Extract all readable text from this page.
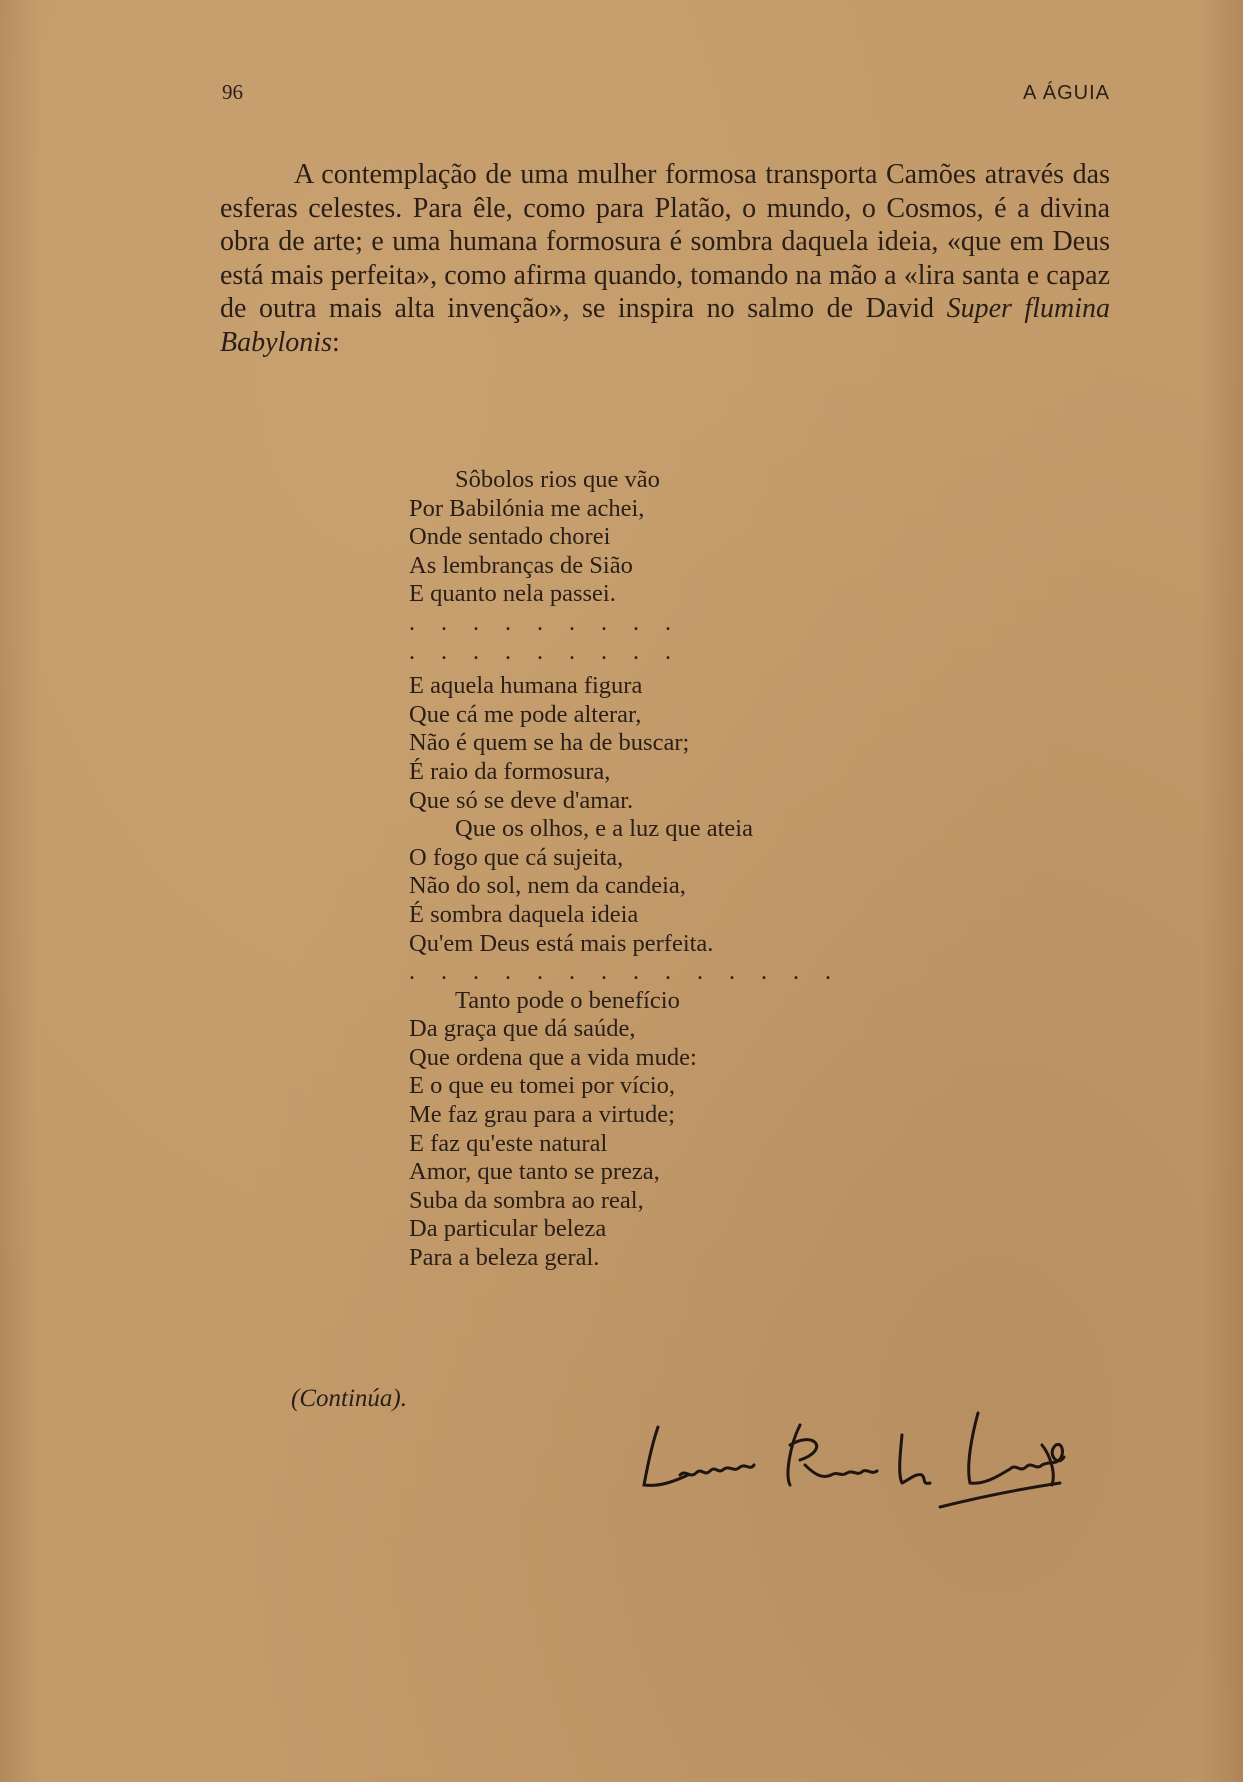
96	A ÁGUIA

A contemplação de uma mulher formosa transporta Camões através das esferas celestes. Para êle, como para Platão, o mundo, o Cosmos, é a divina obra de arte; e uma humana formosura é sombra daquela ideia, «que em Deus está mais perfeita», como afirma quando, tomando na mão a «lira santa e capaz de outra mais alta invenção», se inspira no salmo de David Super flumina Babylonis:

Sôbolos rios que vão
Por Babilónia me achei,
Onde sentado chorei
As lembranças de Sião
E quanto nela passei.
. . . . . . . . .
. . . . . . . . .
E aquela humana figura
Que cá me pode alterar,
Não é quem se ha de buscar;
É raio da formosura,
Que só se deve d'amar.
Que os olhos, e a luz que ateia
O fogo que cá sujeita,
Não do sol, nem da candeia,
É sombra daquela ideia
Qu'em Deus está mais perfeita.
. . . . . . . . . . . . . .
Tanto pode o benefício
Da graça que dá saúde,
Que ordena que a vida mude:
E o que eu tomei por vício,
Me faz grau para a virtude;
E faz qu'este natural
Amor, que tanto se preza,
Suba da sombra ao real,
Da particular beleza
Para a beleza geral.
(Continúa).
